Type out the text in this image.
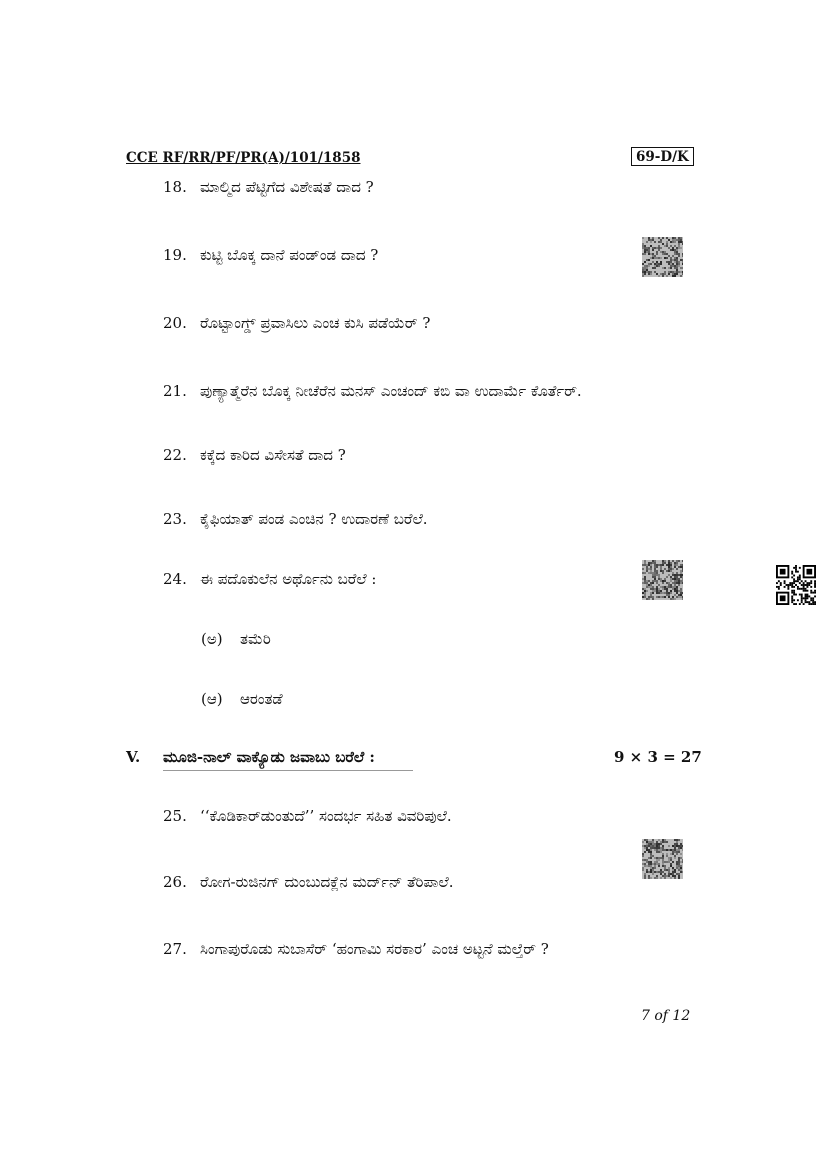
CCE RF/RR/PF/PR(A)/101/1858	69-D/K
18. ಮಾಲ್ಮಿದ ಪೆಟ್ಟಿಗೆದ ವಿಶೇಷತೆ ದಾದ ?
19. ಕುಟ್ಟಿ ಬೊಕ್ಕ ದಾನೆ ಪಂಡ್ಂಡ ದಾದ ?
20. ರೊಟ್ಟಾಂಗ್ಡ್ ಪ್ರವಾಸಿಲು ಎಂಚ ಕುಸಿ ಪಡೆಯೆರ್ ?
21. ಪುಣ್ಯಾತ್ಮೆರೆನ ಬೊಕ್ಕ ನೀಚೆರೆನ ಮನಸ್ ಎಂಚಂದ್ ಕಬಿ ವಾ ಉದಾರ್ಮೆ ಕೊರ್ತೆರ್.
22. ಕಕ್ಕೆದ ಕಾರಿದ ವಿಸೇಸತೆ ದಾದ ?
23. ಕೈಫಿಯಾತ್ ಪಂಡ ಎಂಚಿನ ? ಉದಾರಣೆ ಬರೆಲೆ.
24. ಈ ಪದೊಕುಲೆನ ಅರ್ಥೊನು ಬರೆಲೆ :
(ಅ) ತಮೆರಿ
(ಆ) ಆರಂತಡೆ
V. ಮೂಜಿ-ನಾಲ್ ವಾಕ್ಯೊಡು ಜವಾಬು ಬರೆಲೆ :	9 × 3 = 27
25. ‘‘ಕೊಡಿಕಾರ್‌ಡುಂತುದೆ’’ ಸಂದರ್ಭ ಸಹಿತ ವಿವರಿಪುಲೆ.
26. ರೋಗ-ರುಜಿನಗ್ ದುಂಬುದಕ್ಲೆನ ಮರ್ದ್‌ನ್ ತೆರಿಪಾಲೆ.
27. ಸಿಂಗಾಪುರೊಡು ಸುಬಾಸೆರ್ ‘ಹಂಗಾಮಿ ಸರಕಾರ’ ಎಂಚ ಅಟ್ಟನೆ ಮಲ್ತೆರ್ ?
7 of 12
